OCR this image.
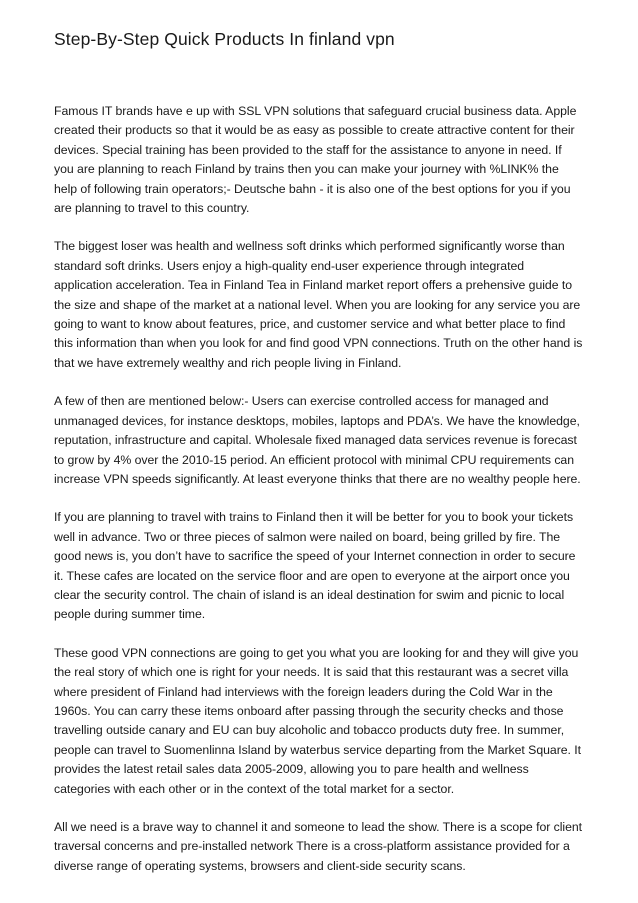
Step-By-Step Quick Products In finland vpn

Famous IT brands have e up with SSL VPN solutions that safeguard crucial business data. Apple created their products so that it would be as easy as possible to create attractive content for their devices. Special training has been provided to the staff for the assistance to anyone in need. If you are planning to reach Finland by trains then you can make your journey with %LINK% the help of following train operators;- Deutsche bahn - it is also one of the best options for you if you are planning to travel to this country.

The biggest loser was health and wellness soft drinks which performed significantly worse than standard soft drinks. Users enjoy a high-quality end-user experience through integrated application acceleration. Tea in Finland Tea in Finland market report offers a prehensive guide to the size and shape of the market at a national level. When you are looking for any service you are going to want to know about features, price, and customer service and what better place to find this information than when you look for and find good VPN connections. Truth on the other hand is that we have extremely wealthy and rich people living in Finland.

A few of then are mentioned below:- Users can exercise controlled access for managed and unmanaged devices, for instance desktops, mobiles, laptops and PDA’s. We have the knowledge, reputation, infrastructure and capital. Wholesale fixed managed data services revenue is forecast to grow by 4% over the 2010-15 period. An efficient protocol with minimal CPU requirements can increase VPN speeds significantly. At least everyone thinks that there are no wealthy people here.

If you are planning to travel with trains to Finland then it will be better for you to book your tickets well in advance. Two or three pieces of salmon were nailed on board, being grilled by fire. The good news is, you don’t have to sacrifice the speed of your Internet connection in order to secure it. These cafes are located on the service floor and are open to everyone at the airport once you clear the security control. The chain of island is an ideal destination for swim and picnic to local people during summer time.

These good VPN connections are going to get you what you are looking for and they will give you the real story of which one is right for your needs. It is said that this restaurant was a secret villa where president of Finland had interviews with the foreign leaders during the Cold War in the 1960s. You can carry these items onboard after passing through the security checks and those travelling outside canary and EU can buy alcoholic and tobacco products duty free. In summer, people can travel to Suomenlinna Island by waterbus service departing from the Market Square. It provides the latest retail sales data 2005-2009, allowing you to pare health and wellness categories with each other or in the context of the total market for a sector.

All we need is a brave way to channel it and someone to lead the show. There is a scope for client traversal concerns and pre-installed network There is a cross-platform assistance provided for a diverse range of operating systems, browsers and client-side security scans.
